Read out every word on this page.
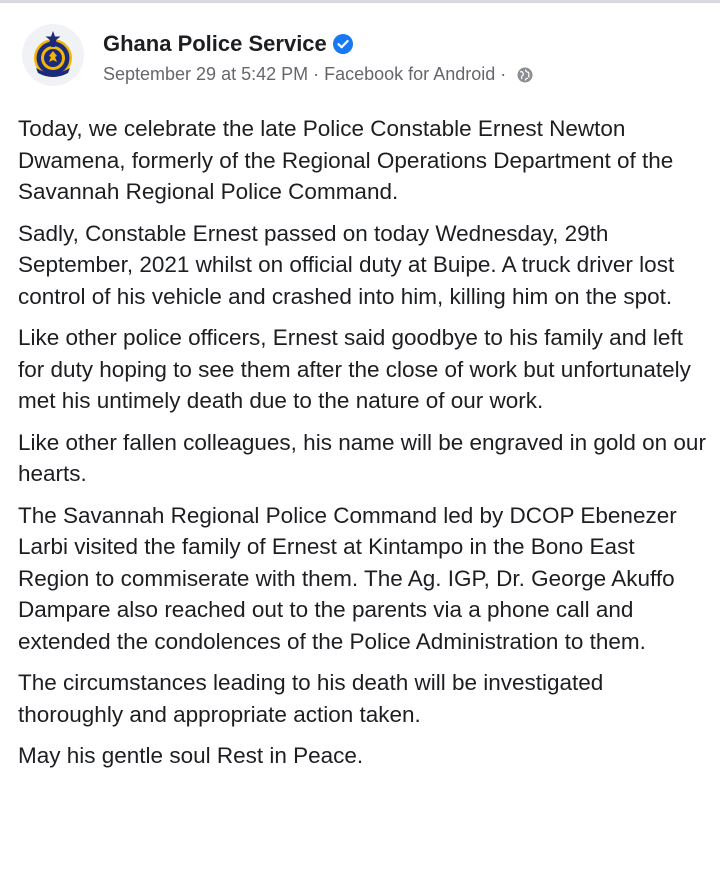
Ghana Police Service
September 29 at 5:42 PM · Facebook for Android ·

Today, we celebrate the late Police Constable Ernest Newton Dwamena, formerly of the Regional Operations Department of the Savannah Regional Police Command.

Sadly, Constable Ernest passed on today Wednesday, 29th September, 2021 whilst on official duty at Buipe. A truck driver lost control of his vehicle and crashed into him, killing him on the spot.

Like other police officers, Ernest said goodbye to his family and left for duty hoping to see them after the close of work but unfortunately met his untimely death due to the nature of our work.

Like other fallen colleagues, his name will be engraved in gold on our hearts.

The Savannah Regional Police Command led by DCOP Ebenezer Larbi visited the family of Ernest at Kintampo in the Bono East Region to commiserate with them. The Ag. IGP, Dr. George Akuffo Dampare also reached out to the parents via a phone call and extended the condolences of the Police Administration to them.

The circumstances leading to his death will be investigated thoroughly and appropriate action taken.

May his gentle soul Rest in Peace.
